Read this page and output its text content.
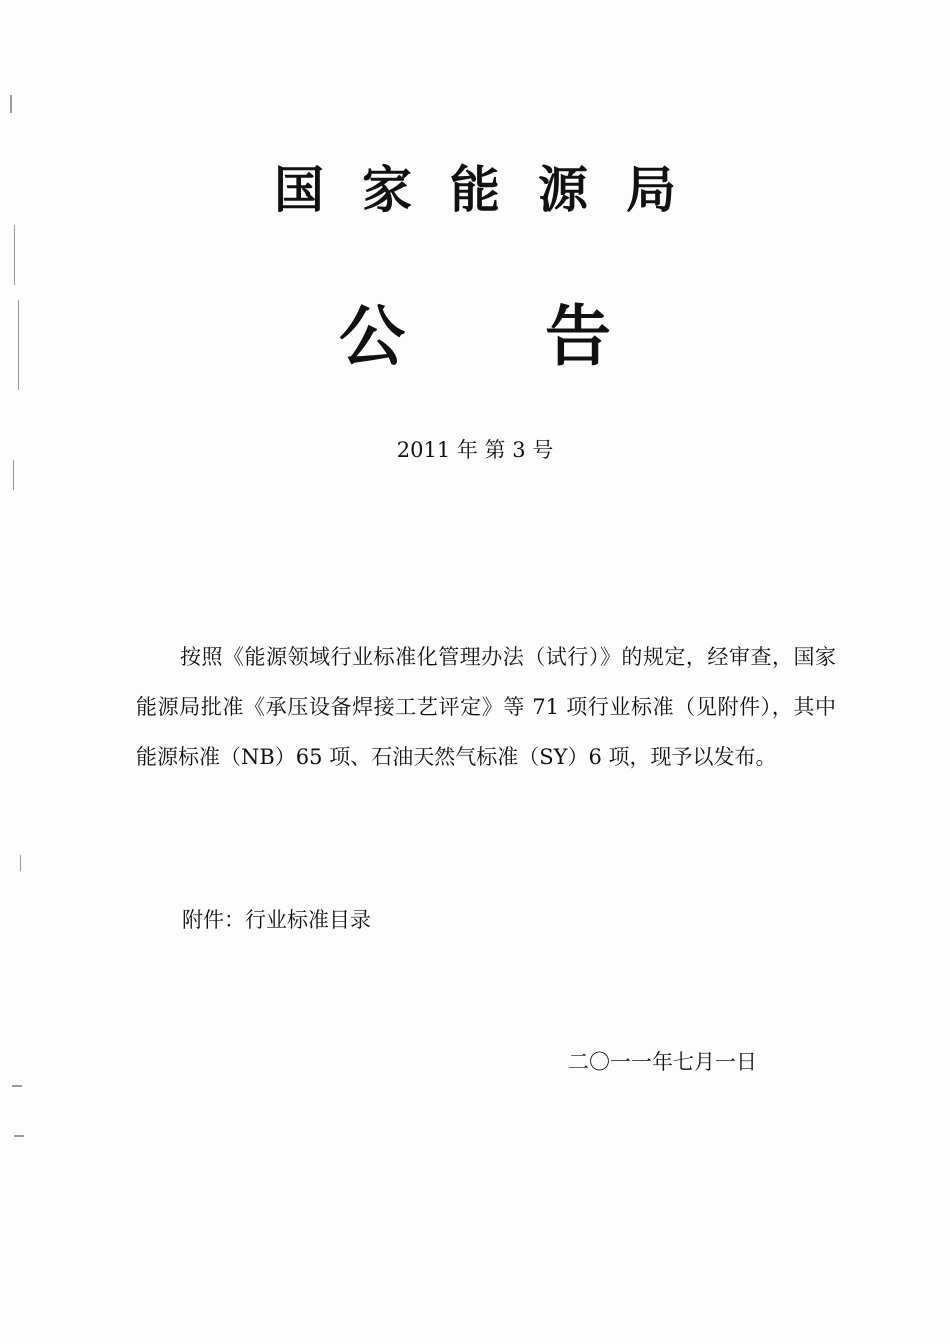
国家能源局
公告
2011 年 第 3 号

按照《能源领域行业标准化管理办法（试行）》的规定，经审查，国家能源局批准《承压设备焊接工艺评定》等 71 项行业标准（见附件），其中能源标准（NB）65 项、石油天然气标准（SY）6 项，现予以发布。

附件：行业标准目录
二〇一一年七月一日
